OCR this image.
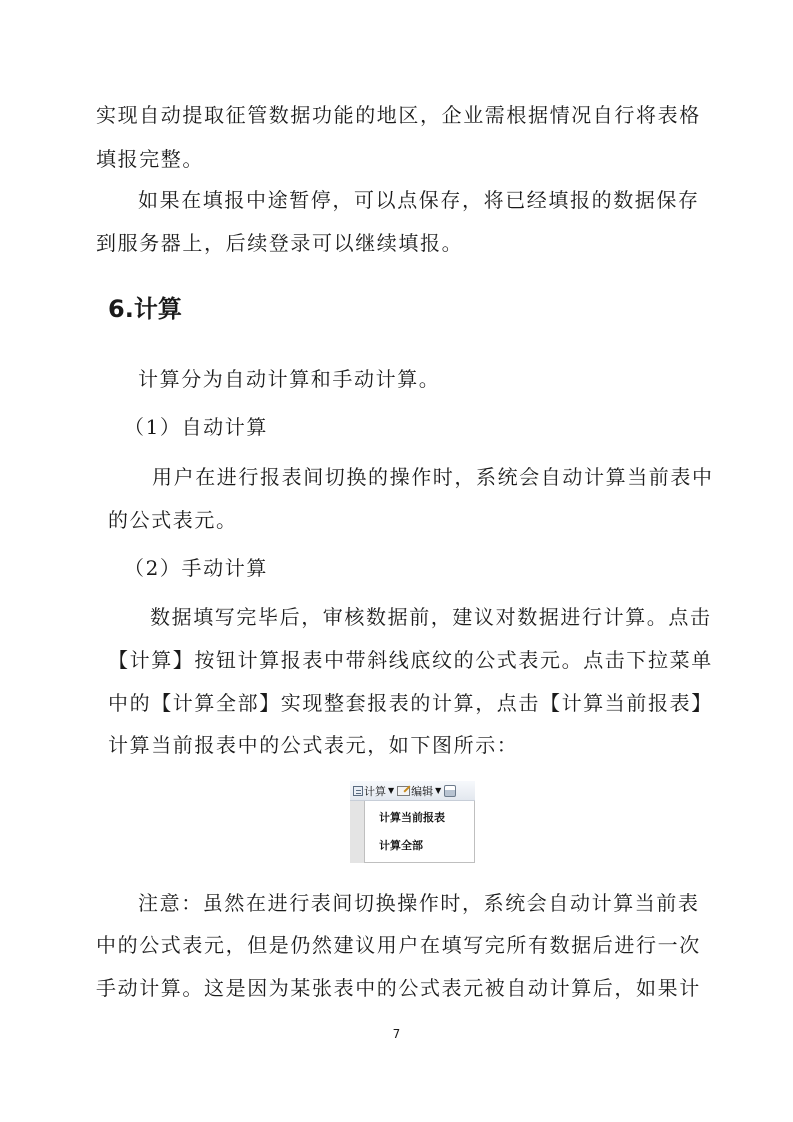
实现自动提取征管数据功能的地区，企业需根据情况自行将表格
填报完整。
如果在填报中途暂停，可以点保存，将已经填报的数据保存
到服务器上，后续登录可以继续填报。
6.计算
计算分为自动计算和手动计算。
（1）自动计算
用户在进行报表间切换的操作时，系统会自动计算当前表中
的公式表元。
（2）手动计算
数据填写完毕后，审核数据前，建议对数据进行计算。点击
【计算】按钮计算报表中带斜线底纹的公式表元。点击下拉菜单
中的【计算全部】实现整套报表的计算，点击【计算当前报表】
计算当前报表中的公式表元，如下图所示：
计算 ▼ 编辑 ▼
计算当前报表
计算全部
注意：虽然在进行表间切换操作时，系统会自动计算当前表
中的公式表元，但是仍然建议用户在填写完所有数据后进行一次
手动计算。这是因为某张表中的公式表元被自动计算后，如果计
7
